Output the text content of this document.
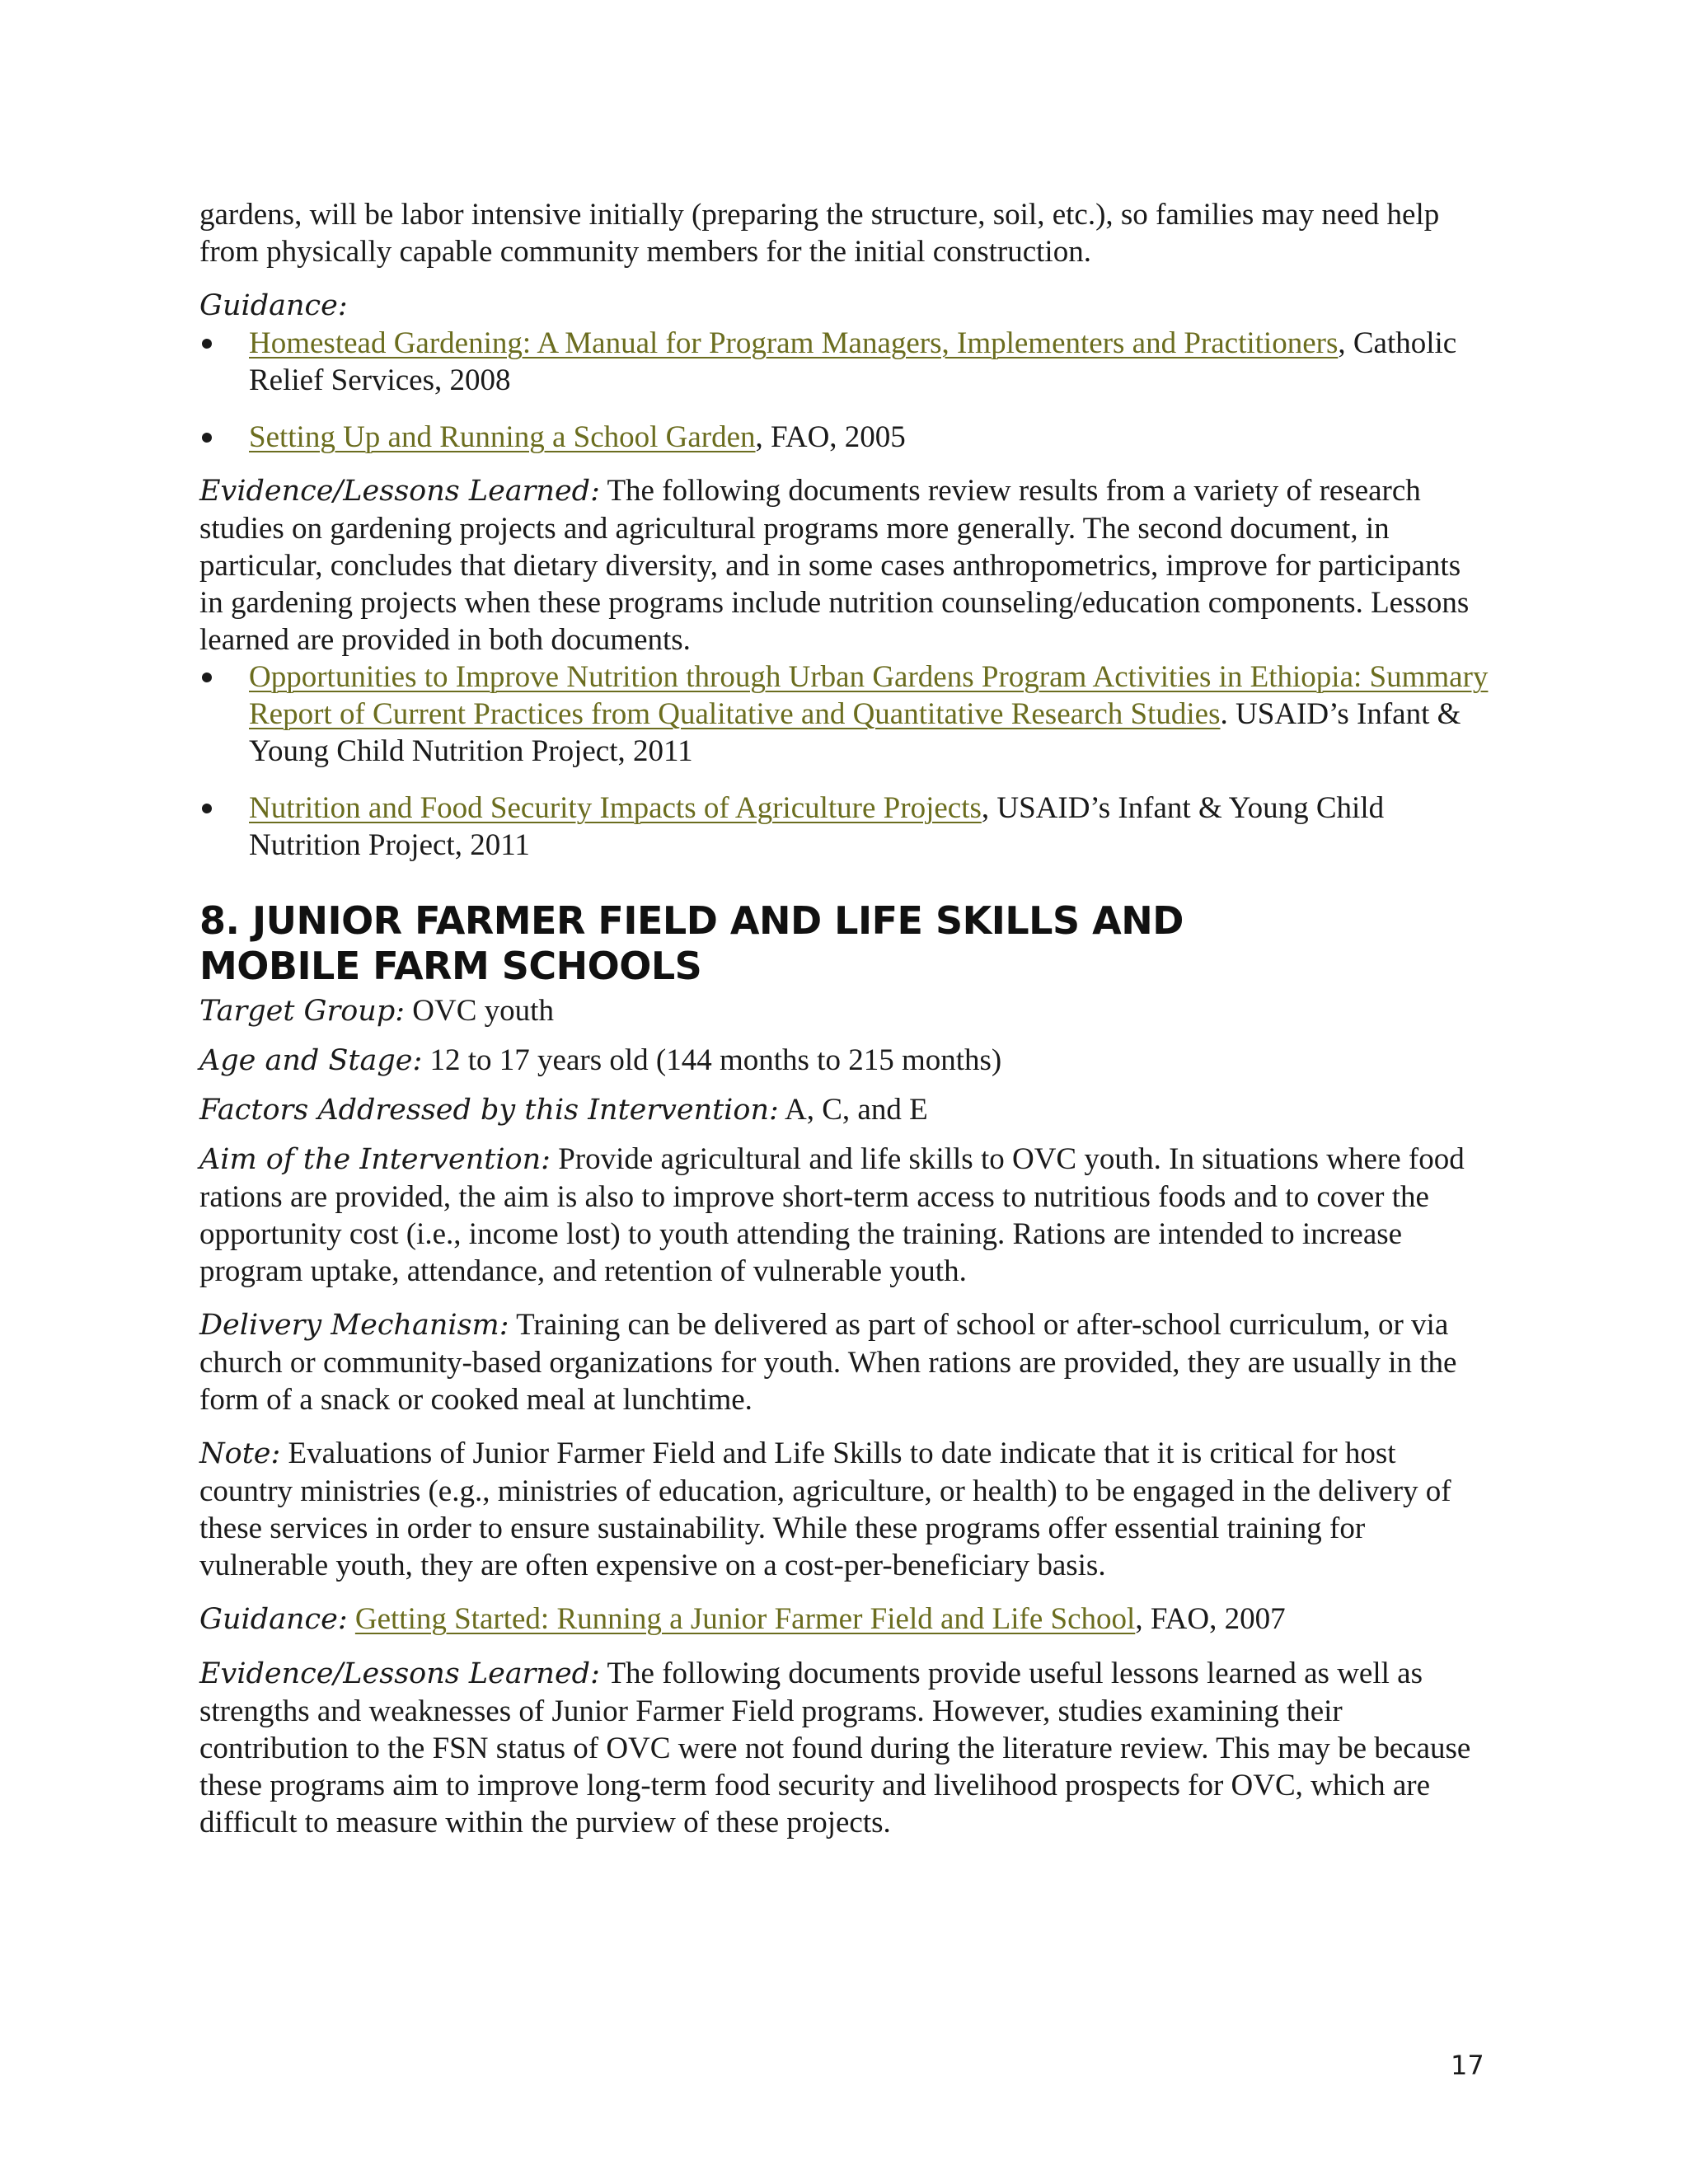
gardens, will be labor intensive initially (preparing the structure, soil, etc.), so families may need help from physically capable community members for the initial construction.

Guidance:

Homestead Gardening: A Manual for Program Managers, Implementers and Practitioners, Catholic Relief Services, 2008
Setting Up and Running a School Garden, FAO, 2005

Evidence/Lessons Learned: The following documents review results from a variety of research studies on gardening projects and agricultural programs more generally. The second document, in particular, concludes that dietary diversity, and in some cases anthropometrics, improve for participants in gardening projects when these programs include nutrition counseling/education components. Lessons learned are provided in both documents.

Opportunities to Improve Nutrition through Urban Gardens Program Activities in Ethiopia: Summary Report of Current Practices from Qualitative and Quantitative Research Studies. USAID’s Infant & Young Child Nutrition Project, 2011
Nutrition and Food Security Impacts of Agriculture Projects, USAID’s Infant & Young Child Nutrition Project, 2011
8. JUNIOR FARMER FIELD AND LIFE SKILLS AND
MOBILE FARM SCHOOLS

Target Group: OVC youth

Age and Stage: 12 to 17 years old (144 months to 215 months)

Factors Addressed by this Intervention: A, C, and E

Aim of the Intervention: Provide agricultural and life skills to OVC youth. In situations where food rations are provided, the aim is also to improve short-term access to nutritious foods and to cover the opportunity cost (i.e., income lost) to youth attending the training. Rations are intended to increase program uptake, attendance, and retention of vulnerable youth.

Delivery Mechanism: Training can be delivered as part of school or after-school curriculum, or via church or community-based organizations for youth. When rations are provided, they are usually in the form of a snack or cooked meal at lunchtime.

Note: Evaluations of Junior Farmer Field and Life Skills to date indicate that it is critical for host country ministries (e.g., ministries of education, agriculture, or health) to be engaged in the delivery of these services in order to ensure sustainability. While these programs offer essential training for vulnerable youth, they are often expensive on a cost-per-beneficiary basis.

Guidance: Getting Started: Running a Junior Farmer Field and Life School, FAO, 2007

Evidence/Lessons Learned: The following documents provide useful lessons learned as well as strengths and weaknesses of Junior Farmer Field programs. However, studies examining their contribution to the FSN status of OVC were not found during the literature review. This may be because these programs aim to improve long-term food security and livelihood prospects for OVC, which are difficult to measure within the purview of these projects.

17
